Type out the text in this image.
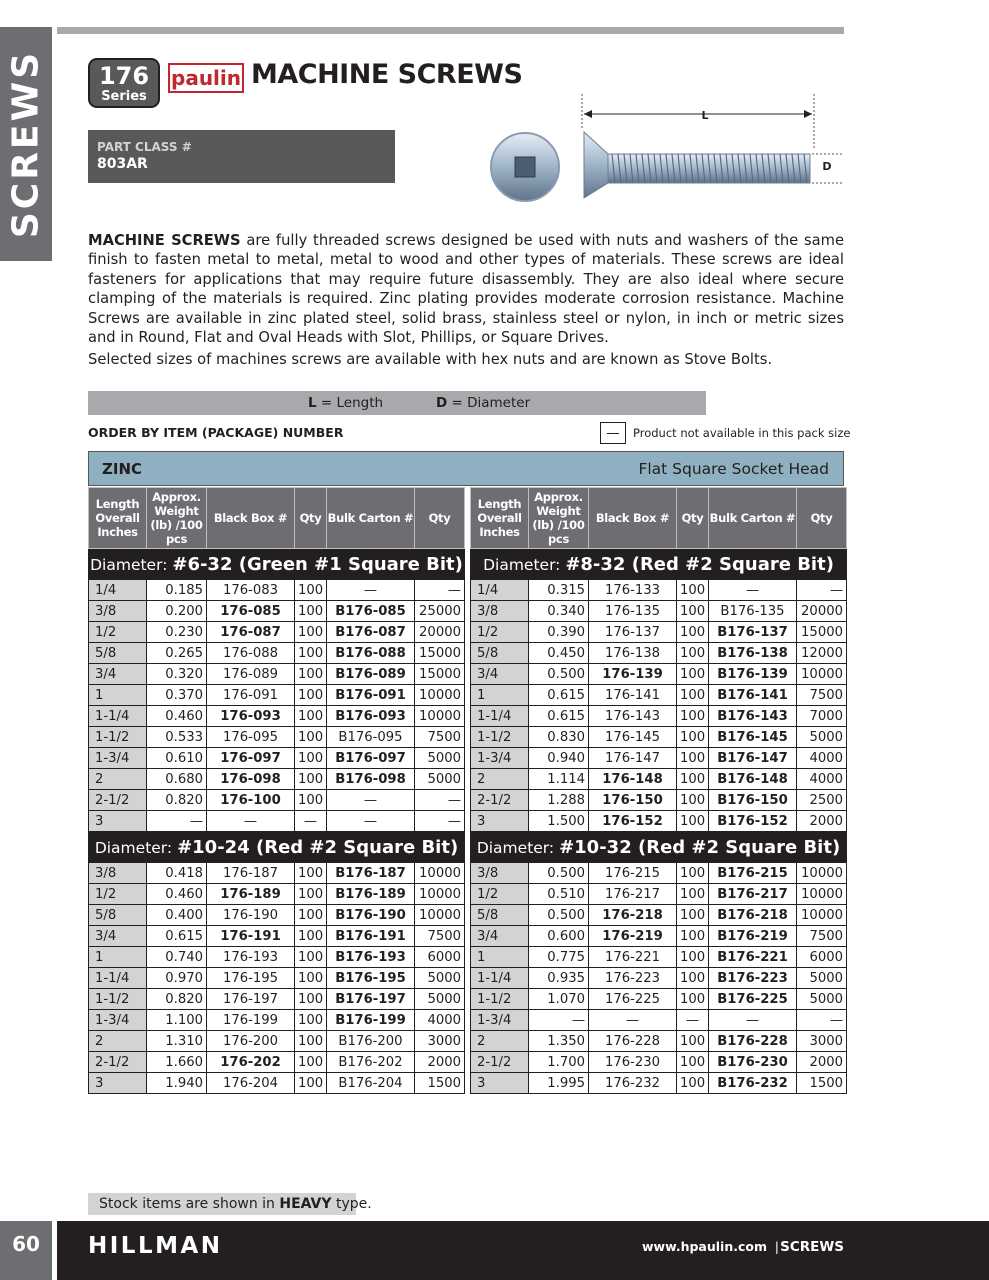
SCREWS	176
Series
paulin MACHINE SCREWS
PART CLASS #
803AR
L
D
MACHINE SCREWS are fully threaded screws designed be used with nuts and washers of the same finish to fasten metal to metal, metal to wood and other types of materials. These screws are ideal fasteners for applications that may require future disassembly. They are also ideal where secure clamping of the materials is required. Zinc plating provides moderate corrosion resistance. Machine Screws are available in zinc plated steel, solid brass, stainless steel or nylon, in inch or metric sizes and in Round, Flat and Oval Heads with Slot, Phillips, or Square Drives.
Selected sizes of machines screws are available with hex nuts and are known as Stove Bolts.
L = Length	D = Diameter
ORDER BY ITEM (PACKAGE) NUMBER	Product not available in this pack size
ZINC	Flat Square Socket Head
Length Overall Inches	Approx. Weight (lb) /100 pcs	Black Box #	Qty	Bulk Carton #	Qty
Diameter: #6-32 (Green #1 Square Bit)					
1/4	0.185	176-083	100	—	—
3/8	0.200	176-085	100	B176-085	25000
1/2	0.230	176-087	100	B176-087	20000
5/8	0.265	176-088	100	B176-088	15000
3/4	0.320	176-089	100	B176-089	15000
1	0.370	176-091	100	B176-091	10000
1-1/4	0.460	176-093	100	B176-093	10000
1-1/2	0.533	176-095	100	B176-095	7500
1-3/4	0.610	176-097	100	B176-097	5000
2	0.680	176-098	100	B176-098	5000
2-1/2	0.820	176-100	100	—	—
3	—	—	—	—	—
Diameter: #10-24 (Red #2 Square Bit)					
3/8	0.418	176-187	100	B176-187	10000
1/2	0.460	176-189	100	B176-189	10000
5/8	0.400	176-190	100	B176-190	10000
3/4	0.615	176-191	100	B176-191	7500
1	0.740	176-193	100	B176-193	6000
1-1/4	0.970	176-195	100	B176-195	5000
1-1/2	0.820	176-197	100	B176-197	5000
1-3/4	1.100	176-199	100	B176-199	4000
2	1.310	176-200	100	B176-200	3000
2-1/2	1.660	176-202	100	B176-202	2000
3	1.940	176-204	100	B176-204	1500
Length Overall Inches	Approx. Weight (lb) /100 pcs	Black Box #	Qty	Bulk Carton #	Qty
Diameter: #8-32 (Red #2 Square Bit)					
1/4	0.315	176-133	100	—	—
3/8	0.340	176-135	100	B176-135	20000
1/2	0.390	176-137	100	B176-137	15000
5/8	0.450	176-138	100	B176-138	12000
3/4	0.500	176-139	100	B176-139	10000
1	0.615	176-141	100	B176-141	7500
1-1/4	0.615	176-143	100	B176-143	7000
1-1/2	0.830	176-145	100	B176-145	5000
1-3/4	0.940	176-147	100	B176-147	4000
2	1.114	176-148	100	B176-148	4000
2-1/2	1.288	176-150	100	B176-150	2500
3	1.500	176-152	100	B176-152	2000
Diameter: #10-32 (Red #2 Square Bit)					
3/8	0.500	176-215	100	B176-215	10000
1/2	0.510	176-217	100	B176-217	10000
5/8	0.500	176-218	100	B176-218	10000
3/4	0.600	176-219	100	B176-219	7500
1	0.775	176-221	100	B176-221	6000
1-1/4	0.935	176-223	100	B176-223	5000
1-1/2	1.070	176-225	100	B176-225	5000
1-3/4	—	—	—	—	—
2	1.350	176-228	100	B176-228	3000
2-1/2	1.700	176-230	100	B176-230	2000
3	1.995	176-232	100	B176-232	1500
Stock items are shown in HEAVY type.
60	HILLMAN	www.hpaulin.com | SCREWS
